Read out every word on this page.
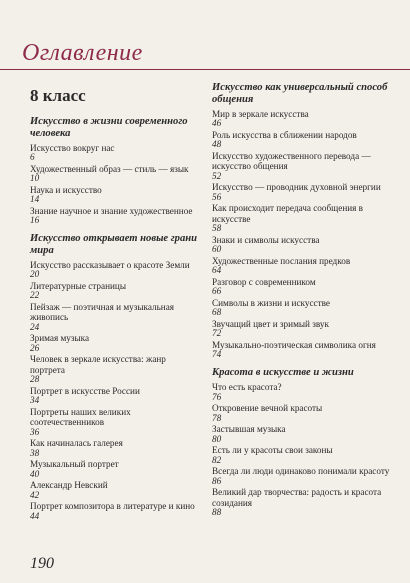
Оглавление
8 класс
Искусство в жизни современного человека
Искусство вокруг нас
6
Художественный образ — стиль — язык
10
Наука и искусство
14
Знание научное и знание художественное
16
Искусство открывает новые грани мира
Искусство рассказывает о красоте Земли
20
Литературные страницы
22
Пейзаж — поэтичная и музыкальная живопись
24
Зримая музыка
26
Человек в зеркале искусства: жанр портрета
28
Портрет в искусстве России
34
Портреты наших великих соотечественников
36
Как начиналась галерея
38
Музыкальный портрет
40
Александр Невский
42
Портрет композитора в литературе и кино
44
Искусство как универсальный способ общения
Мир в зеркале искусства
46
Роль искусства в сближении народов
48
Искусство художественного перевода — искусство общения
52
Искусство — проводник духовной энергии
56
Как происходит передача сообщения в искусстве
58
Знаки и символы искусства
60
Художественные послания предков
64
Разговор с современником
66
Символы в жизни и искусстве
68
Звучащий цвет и зримый звук
72
Музыкально-поэтическая символика огня
74
Красота в искусстве и жизни
Что есть красота?
76
Откровение вечной красоты
78
Застывшая музыка
80
Есть ли у красоты свои законы
82
Всегда ли люди одинаково понимали красоту
86
Великий дар творчества: радость и красота созидания
88
190
